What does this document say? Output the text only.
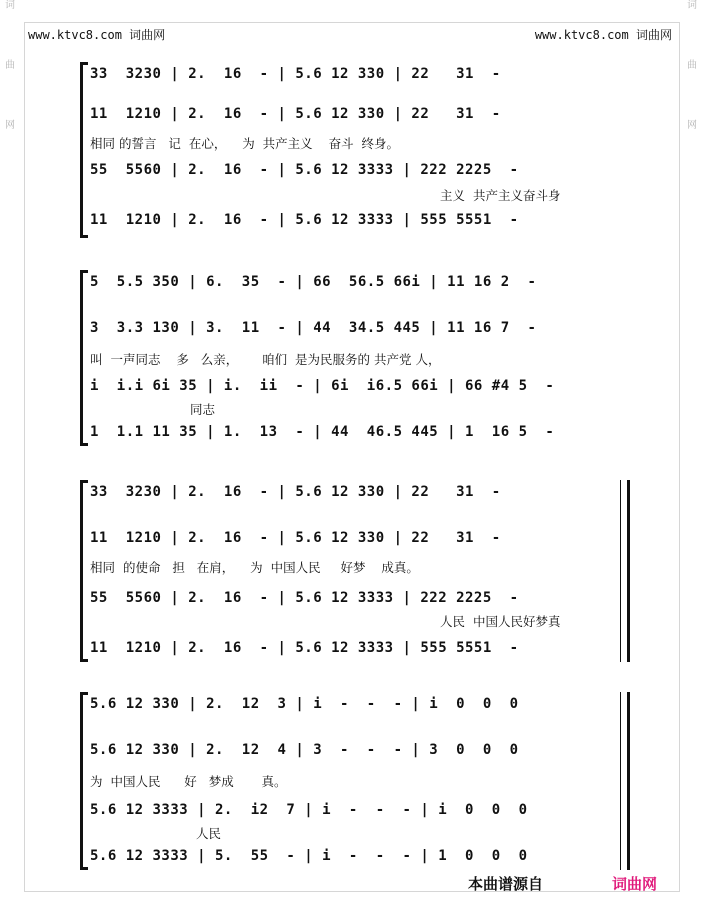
词
曲
网
词
曲
网
www.ktvc8.com 词曲网	www.ktvc8.com 词曲网
33  3230 | 2.  16  - | 5.6 12 330 | 22   31  -
11  1210 | 2.  16  - | 5.6 12 330 | 22   31  -
相同 的誓言   记  在心，    为  共产主义    奋斗  终身。
55  5560 | 2.  16  - | 5.6 12 3333 | 222 2225  -
主义  共产主义奋斗身
11  1210 | 2.  16  - | 5.6 12 3333 | 555 5551  -
5  5.5 350 | 6.  35  - | 66  56.5 66i | 11 16 2  -
3  3.3 130 | 3.  11  - | 44  34.5 445 | 11 16 7  -
叫  一声同志    多   么亲，      咱们  是为民服务的 共产党 人，
i  i.i 6i 35 | i.  ii  - | 6i  i6.5 66i | 66 #4 5  -
同志
1  1.1 11 35 | 1.  13  - | 44  46.5 445 | 1  16 5  -
33  3230 | 2.  16  - | 5.6 12 330 | 22   31  -
11  1210 | 2.  16  - | 5.6 12 330 | 22   31  -
相同  的使命   担   在肩，    为  中国人民     好梦    成真。
55  5560 | 2.  16  - | 5.6 12 3333 | 222 2225  -
人民  中国人民好梦真
11  1210 | 2.  16  - | 5.6 12 3333 | 555 5551  -
5.6 12 330 | 2.  12  3 | i  -  -  - | i  0  0  0
5.6 12 330 | 2.  12  4 | 3  -  -  - | 3  0  0  0
为  中国人民      好   梦成       真。
5.6 12 3333 | 2.  i2  7 | i  -  -  - | i  0  0  0
人民
5.6 12 3333 | 5.  55  - | i  -  -  - | 1  0  0  0
本曲谱源自	词曲网
